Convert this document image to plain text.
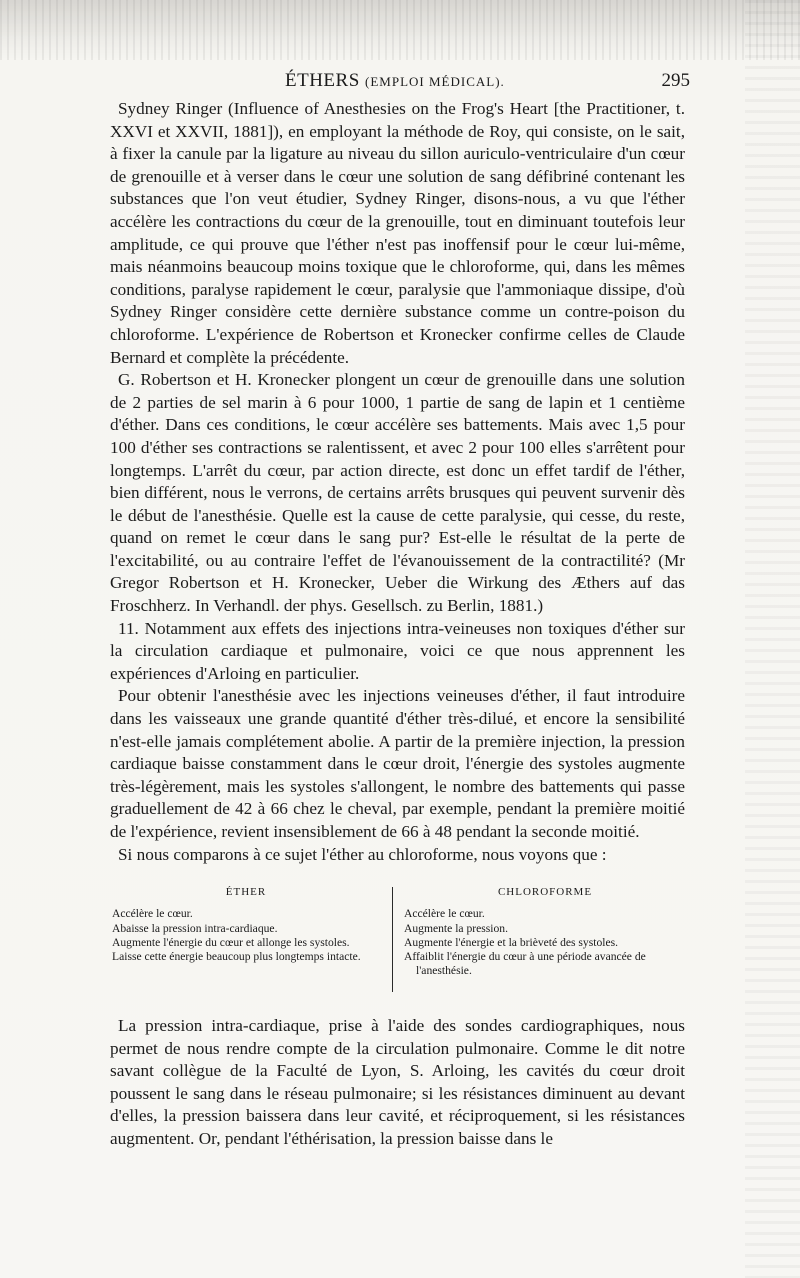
ÉTHERS (EMPLOI MÉDICAL).	295

Sydney Ringer (Influence of Anesthesies on the Frog's Heart [the Practitioner, t. XXVI et XXVII, 1881]), en employant la méthode de Roy, qui consiste, on le sait, à fixer la canule par la ligature au niveau du sillon auriculo-ventriculaire d'un cœur de grenouille et à verser dans le cœur une solution de sang défibriné contenant les substances que l'on veut étudier, Sydney Ringer, disons-nous, a vu que l'éther accélère les contractions du cœur de la grenouille, tout en diminuant toutefois leur amplitude, ce qui prouve que l'éther n'est pas inoffensif pour le cœur lui-même, mais néanmoins beaucoup moins toxique que le chloroforme, qui, dans les mêmes conditions, paralyse rapidement le cœur, paralysie que l'ammoniaque dissipe, d'où Sydney Ringer considère cette dernière substance comme un contre-poison du chloroforme. L'expérience de Robertson et Kronecker confirme celles de Claude Bernard et complète la précédente.

G. Robertson et H. Kronecker plongent un cœur de grenouille dans une solution de 2 parties de sel marin à 6 pour 1000, 1 partie de sang de lapin et 1 centième d'éther. Dans ces conditions, le cœur accélère ses battements. Mais avec 1,5 pour 100 d'éther ses contractions se ralentissent, et avec 2 pour 100 elles s'arrêtent pour longtemps. L'arrêt du cœur, par action directe, est donc un effet tardif de l'éther, bien différent, nous le verrons, de certains arrêts brusques qui peuvent survenir dès le début de l'anesthésie. Quelle est la cause de cette paralysie, qui cesse, du reste, quand on remet le cœur dans le sang pur? Est-elle le résultat de la perte de l'excitabilité, ou au contraire l'effet de l'évanouissement de la contractilité? (Mr Gregor Robertson et H. Kronecker, Ueber die Wirkung des Æthers auf das Froschherz. In Verhandl. der phys. Gesellsch. zu Berlin, 1881.)

11. Notamment aux effets des injections intra-veineuses non toxiques d'éther sur la circulation cardiaque et pulmonaire, voici ce que nous apprennent les expériences d'Arloing en particulier.

Pour obtenir l'anesthésie avec les injections veineuses d'éther, il faut introduire dans les vaisseaux une grande quantité d'éther très-dilué, et encore la sensibilité n'est-elle jamais complétement abolie. A partir de la première injection, la pression cardiaque baisse constamment dans le cœur droit, l'énergie des systoles augmente très-légèrement, mais les systoles s'allongent, le nombre des battements qui passe graduellement de 42 à 66 chez le cheval, par exemple, pendant la première moitié de l'expérience, revient insensiblement de 66 à 48 pendant la seconde moitié.

Si nous comparons à ce sujet l'éther au chloroforme, nous voyons que :

ÉTHER
Accélère le cœur.
Abaisse la pression intra-cardiaque.
Augmente l'énergie du cœur et allonge les systoles.
Laisse cette énergie beaucoup plus longtemps intacte.
CHLOROFORME
Accélère le cœur.
Augmente la pression.
Augmente l'énergie et la brièveté des systoles.
Affaiblit l'énergie du cœur à une période avancée de l'anesthésie.

La pression intra-cardiaque, prise à l'aide des sondes cardiographiques, nous permet de nous rendre compte de la circulation pulmonaire. Comme le dit notre savant collègue de la Faculté de Lyon, S. Arloing, les cavités du cœur droit poussent le sang dans le réseau pulmonaire; si les résistances diminuent au devant d'elles, la pression baissera dans leur cavité, et réciproquement, si les résistances augmentent. Or, pendant l'éthérisation, la pression baisse dans le
